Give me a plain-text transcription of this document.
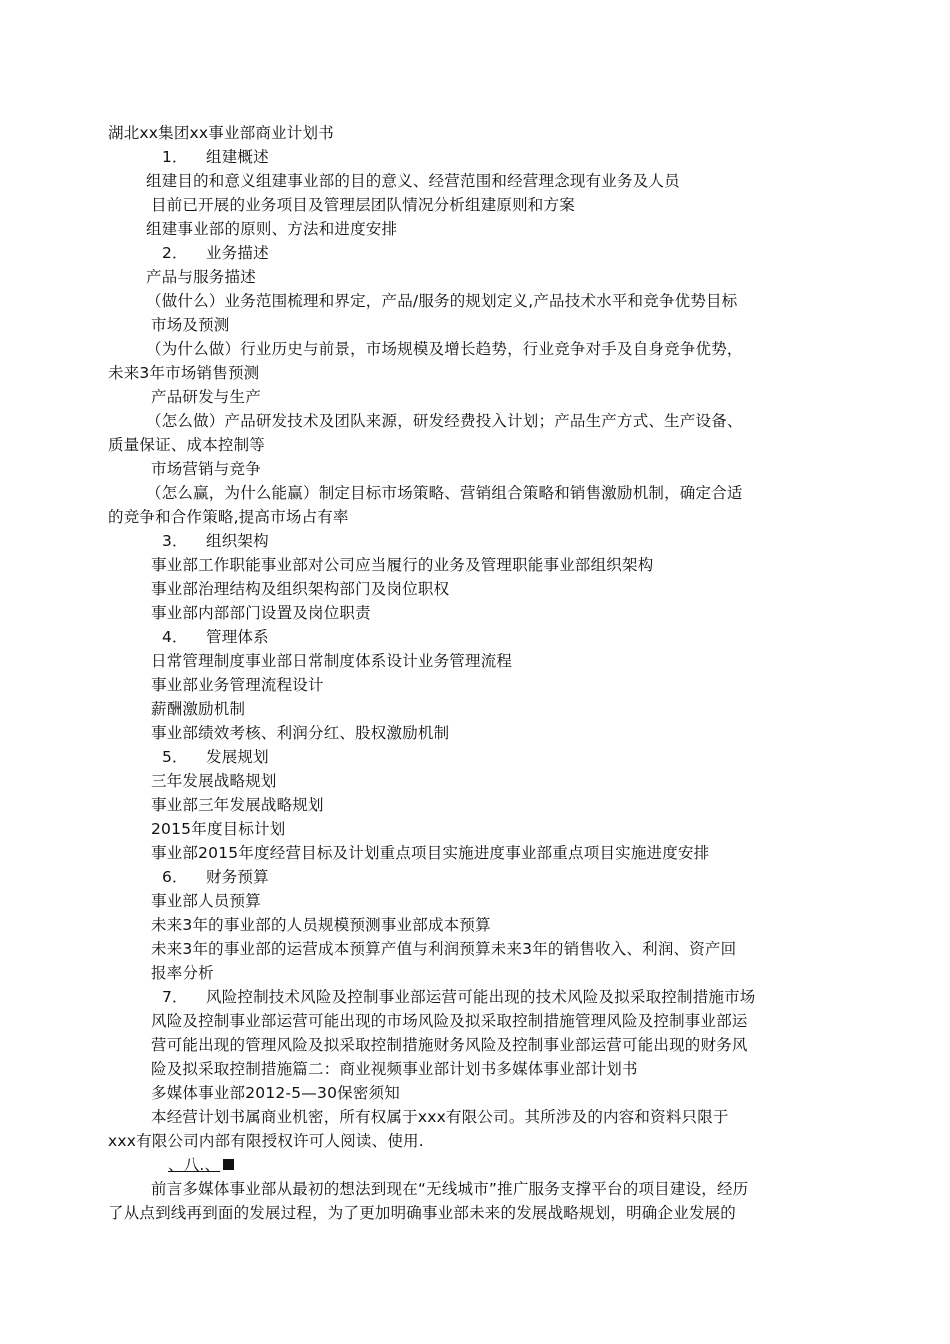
湖北xx集团xx事业部商业计划书
1． 组建概述
组建目的和意义组建事业部的目的意义、经营范围和经营理念现有业务及人员
目前已开展的业务项目及管理层团队情况分析组建原则和方案
组建事业部的原则、方法和进度安排
2． 业务描述
产品与服务描述
（做什么）业务范围梳理和界定，产品/服务的规划定义,产品技术水平和竞争优势目标
市场及预测
（为什么做）行业历史与前景，市场规模及增长趋势，行业竞争对手及自身竞争优势，
未来3年市场销售预测
产品研发与生产
（怎么做）产品研发技术及团队来源，研发经费投入计划；产品生产方式、生产设备、
质量保证、成本控制等
市场营销与竞争
（怎么赢，为什么能赢）制定目标市场策略、营销组合策略和销售激励机制，确定合适
的竞争和合作策略,提高市场占有率
3． 组织架构
事业部工作职能事业部对公司应当履行的业务及管理职能事业部组织架构
事业部治理结构及组织架构部门及岗位职权
事业部内部部门设置及岗位职责
4． 管理体系
日常管理制度事业部日常制度体系设计业务管理流程
事业部业务管理流程设计
薪酬激励机制
事业部绩效考核、利润分红、股权激励机制
5． 发展规划
三年发展战略规划
事业部三年发展战略规划
2015年度目标计划
事业部2015年度经营目标及计划重点项目实施进度事业部重点项目实施进度安排
6． 财务预算
事业部人员预算
未来3年的事业部的人员规模预测事业部成本预算
未来3年的事业部的运营成本预算产值与利润预算未来3年的销售收入、利润、资产回
报率分析
7． 风险控制技术风险及控制事业部运营可能出现的技术风险及拟采取控制措施市场
风险及控制事业部运营可能出现的市场风险及拟采取控制措施管理风险及控制事业部运
营可能出现的管理风险及拟采取控制措施财务风险及控制事业部运营可能出现的财务风
险及拟采取控制措施篇二：商业视频事业部计划书多媒体事业部计划书
多媒体事业部2012-5—30保密须知
本经营计划书属商业机密，所有权属于xxx有限公司。其所涉及的内容和资料只限于
xxx有限公司内部有限授权许可人阅读、使用.
、八.、
前言多媒体事业部从最初的想法到现在“无线城市”推广服务支撑平台的项目建设，经历
了从点到线再到面的发展过程，为了更加明确事业部未来的发展战略规划，明确企业发展的
